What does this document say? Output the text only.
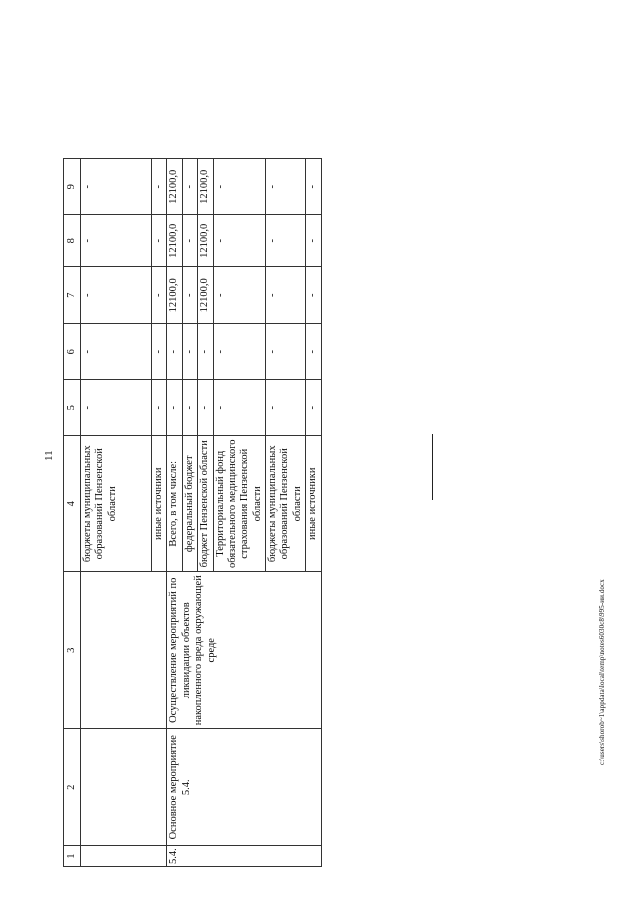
11
1	2	3	4	5	6	7	8	9
			бюджеты муниципальных образований Пензенской области	-	-	-	-	-
			иные источники	-	-	-	-	-
5.4.	Основное мероприятие 5.4.	Осуществление мероприятий по ликвидации объектов накопленного вреда окружающей среде	Всего, в том числе:	-	-	12100,0	12100,0	12100,0
			федеральный бюджет	-	-	-	-	-
			бюджет Пензенской области	-	-	12100,0	12100,0	12100,0
			Территориальный фонд обязательного медицинского страхования Пензенской области	-	-	-	-	-
			бюджеты муниципальных образований Пензенской области	-	-	-	-	-
			иные источники	-	-	-	-	-
c:\users\shorob~1\appdata\local\temp\notes6030c8\995-ии.docx
